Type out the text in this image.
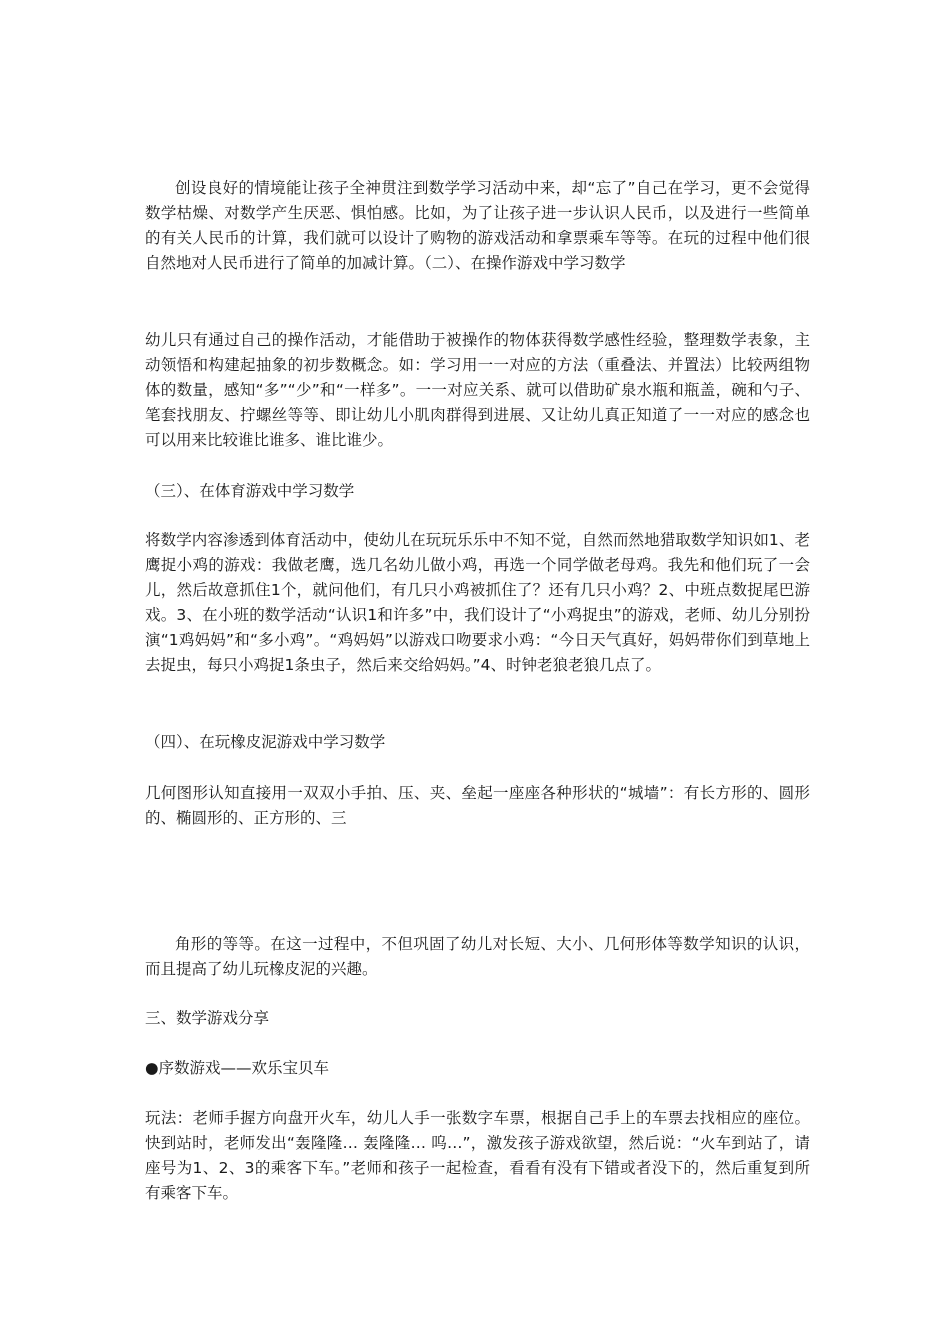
创设良好的情境能让孩子全神贯注到数学学习活动中来，却“忘了”自己在学习，更不会觉得数学枯燥、对数学产生厌恶、惧怕感。比如，为了让孩子进一步认识人民币，以及进行一些简单的有关人民币的计算，我们就可以设计了购物的游戏活动和拿票乘车等等。在玩的过程中他们很自然地对人民币进行了简单的加减计算。（二）、在操作游戏中学习数学

幼儿只有通过自己的操作活动，才能借助于被操作的物体获得数学感性经验，整理数学表象，主动领悟和构建起抽象的初步数概念。如：学习用一一对应的方法（重叠法、并置法）比较两组物体的数量，感知“多”“少”和“一样多”。一一对应关系、就可以借助矿泉水瓶和瓶盖，碗和勺子、笔套找朋友、拧螺丝等等、即让幼儿小肌肉群得到进展、又让幼儿真正知道了一一对应的感念也可以用来比较谁比谁多、谁比谁少。

（三）、在体育游戏中学习数学

将数学内容渗透到体育活动中，使幼儿在玩玩乐乐中不知不觉，自然而然地猎取数学知识如1、老鹰捉小鸡的游戏：我做老鹰，选几名幼儿做小鸡，再选一个同学做老母鸡。我先和他们玩了一会儿，然后故意抓住1个，就问他们，有几只小鸡被抓住了？还有几只小鸡？2、中班点数捉尾巴游戏。3、在小班的数学活动“认识1和许多”中，我们设计了“小鸡捉虫”的游戏，老师、幼儿分别扮演“1鸡妈妈”和“多小鸡”。“鸡妈妈”以游戏口吻要求小鸡：“今日天气真好，妈妈带你们到草地上去捉虫，每只小鸡捉1条虫子，然后来交给妈妈。”4、时钟老狼老狼几点了。

（四）、在玩橡皮泥游戏中学习数学

几何图形认知直接用一双双小手拍、压、夹、垒起一座座各种形状的“城墙”：有长方形的、圆形的、椭圆形的、正方形的、三

角形的等等。在这一过程中，不但巩固了幼儿对长短、大小、几何形体等数学知识的认识，而且提高了幼儿玩橡皮泥的兴趣。

三、数学游戏分享

●序数游戏——欢乐宝贝车

玩法：老师手握方向盘开火车，幼儿人手一张数字车票，根据自己手上的车票去找相应的座位。快到站时，老师发出“轰隆隆… 轰隆隆… 呜…”，激发孩子游戏欲望，然后说：“火车到站了，请座号为1、2、3的乘客下车。”老师和孩子一起检查，看看有没有下错或者没下的，然后重复到所有乘客下车。
